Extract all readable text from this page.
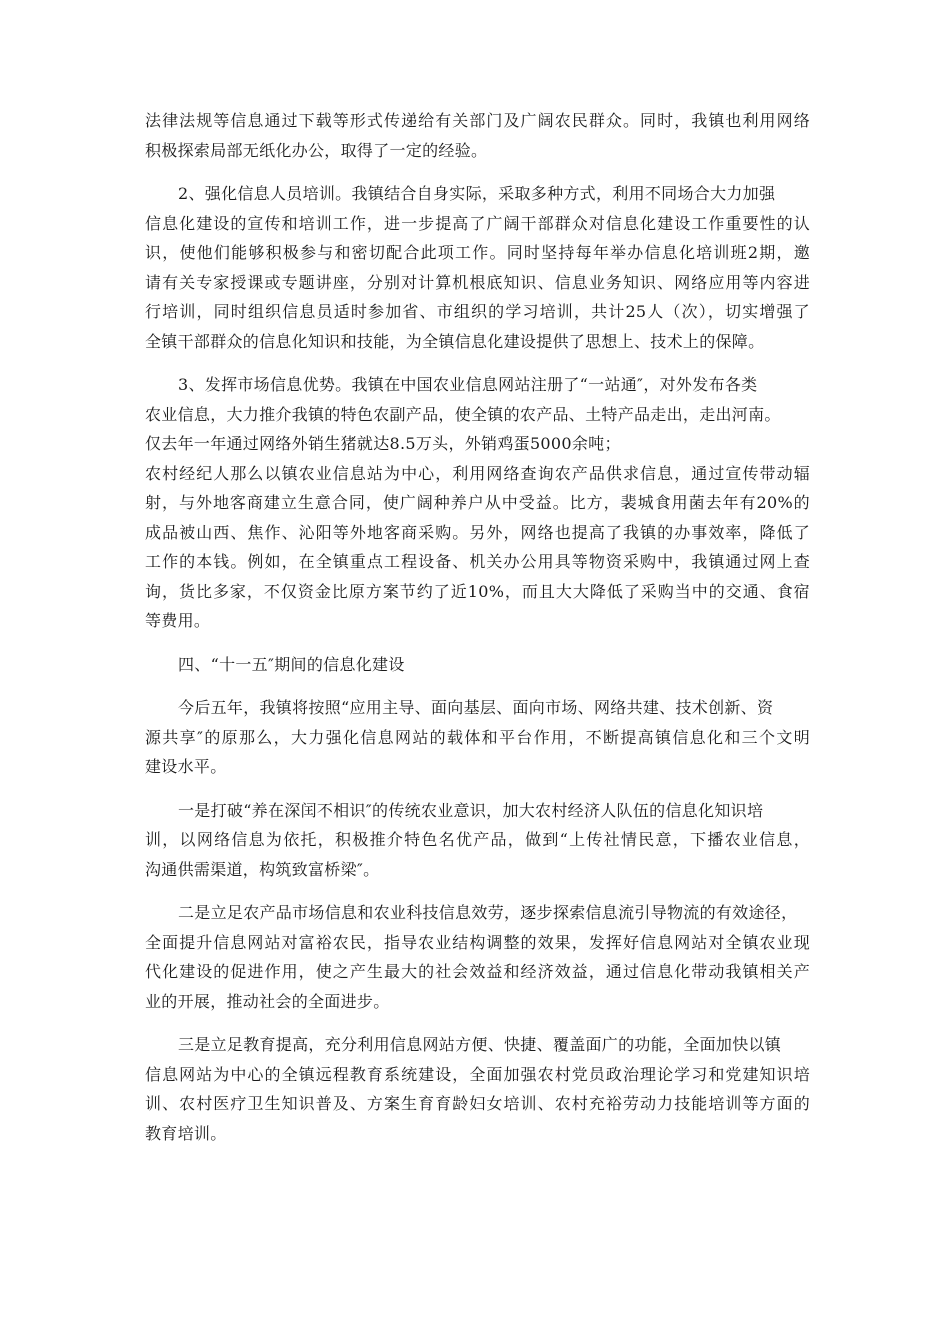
法律法规等信息通过下载等形式传递给有关部门及广阔农民群众。同时，我镇也利用网络
积极探索局部无纸化办公，取得了一定的经验。
2、强化信息人员培训。我镇结合自身实际，采取多种方式，利用不同场合大力加强
信息化建设的宣传和培训工作，进一步提高了广阔干部群众对信息化建设工作重要性的认
识，使他们能够积极参与和密切配合此项工作。同时坚持每年举办信息化培训班2期，邀
请有关专家授课或专题讲座，分别对计算机根底知识、信息业务知识、网络应用等内容进
行培训，同时组织信息员适时参加省、市组织的学习培训，共计25人（次），切实增强了
全镇干部群众的信息化知识和技能，为全镇信息化建设提供了思想上、技术上的保障。
3、发挥市场信息优势。我镇在中国农业信息网站注册了“一站通″，对外发布各类
农业信息，大力推介我镇的特色农副产品，使全镇的农产品、土特产品走出，走出河南。
仅去年一年通过网络外销生猪就达8.5万头，外销鸡蛋5000余吨；
农村经纪人那么以镇农业信息站为中心，利用网络查询农产品供求信息，通过宣传带动辐
射，与外地客商建立生意合同，使广阔种养户从中受益。比方，裴城食用菌去年有20%的
成品被山西、焦作、沁阳等外地客商采购。另外，网络也提高了我镇的办事效率，降低了
工作的本钱。例如，在全镇重点工程设备、机关办公用具等物资采购中，我镇通过网上查
询，货比多家，不仅资金比原方案节约了近10%，而且大大降低了采购当中的交通、食宿
等费用。
四、“十一五″期间的信息化建设
今后五年，我镇将按照“应用主导、面向基层、面向市场、网络共建、技术创新、资
源共享″的原那么，大力强化信息网站的载体和平台作用，不断提高镇信息化和三个文明
建设水平。
一是打破“养在深闰不相识″的传统农业意识，加大农村经济人队伍的信息化知识培
训，以网络信息为依托，积极推介特色名优产品，做到“上传社情民意，下播农业信息，
沟通供需渠道，构筑致富桥梁″。
二是立足农产品市场信息和农业科技信息效劳，逐步探索信息流引导物流的有效途径，
全面提升信息网站对富裕农民，指导农业结构调整的效果，发挥好信息网站对全镇农业现
代化建设的促进作用，使之产生最大的社会效益和经济效益，通过信息化带动我镇相关产
业的开展，推动社会的全面进步。
三是立足教育提高，充分利用信息网站方便、快捷、覆盖面广的功能，全面加快以镇
信息网站为中心的全镇远程教育系统建设，全面加强农村党员政治理论学习和党建知识培
训、农村医疗卫生知识普及、方案生育育龄妇女培训、农村充裕劳动力技能培训等方面的
教育培训。
